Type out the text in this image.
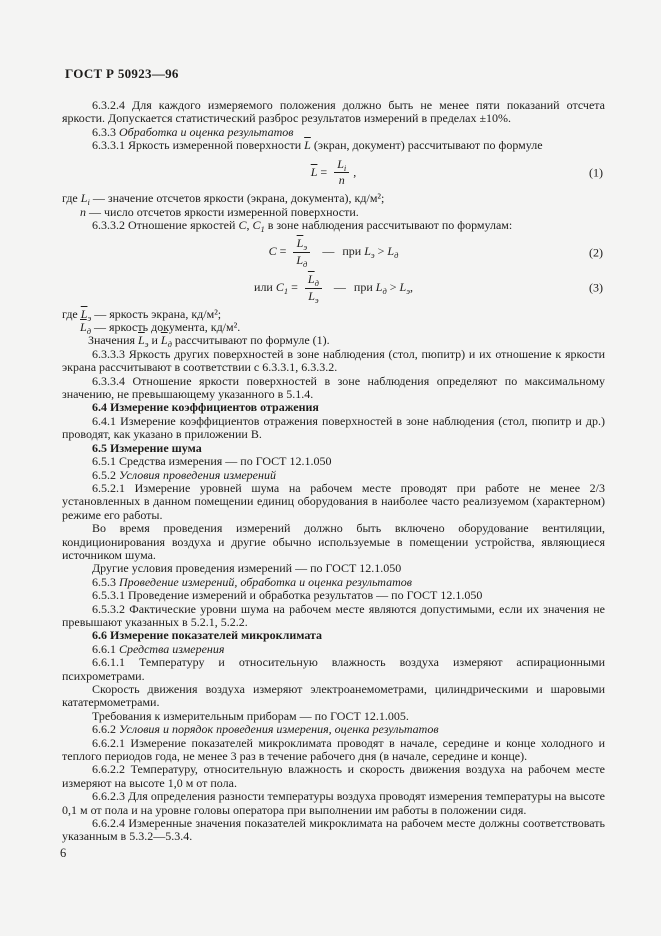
ГОСТ Р 50923—96

6.3.2.4 Для каждого измеряемого положения должно быть не менее пяти показаний отсчета яркости. Допускается статистический разброс результатов измерений в пределах ±10%.

6.3.3 Обработка и оценка результатов

6.3.3.1 Яркость измеренной поверхности $\overline{L}$ (экран, документ) рассчитывают по формуле

$\overline{L} = \frac{L_i}{n}$ ,	(1)

где $L_i$ — значение отсчетов яркости (экрана, документа), кд/м²;

n — число отсчетов яркости измеренной поверхности.

6.3.3.2 Отношение яркостей C, $C_1$ в зоне наблюдения рассчитывают по формулам:

$C = \frac{\overline{L}_э}{\overline{L}_д}$ — при $L_э > L_д$	(2)
или $C_1 = \frac{\overline{L}_д}{\overline{L}_э}$ — при $L_д > L_э$,	(3)

где $\overline{L}_э$ — яркость экрана, кд/м²;

$\overline{L}_д$ — яркость документа, кд/м².

Значения $\overline{L}_э$ и $\overline{L}_д$ рассчитывают по формуле (1).

6.3.3.3 Яркость других поверхностей в зоне наблюдения (стол, пюпитр) и их отношение к яркости экрана рассчитывают в соответствии с 6.3.3.1, 6.3.3.2.

6.3.3.4 Отношение яркости поверхностей в зоне наблюдения определяют по максимальному значению, не превышающему указанного в 5.1.4.

6.4 Измерение коэффициентов отражения

6.4.1 Измерение коэффициентов отражения поверхностей в зоне наблюдения (стол, пюпитр и др.) проводят, как указано в приложении В.

6.5 Измерение шума

6.5.1 Средства измерения — по ГОСТ 12.1.050

6.5.2 Условия проведения измерений

6.5.2.1 Измерение уровней шума на рабочем месте проводят при работе не менее 2/3 установленных в данном помещении единиц оборудования в наиболее часто реализуемом (характерном) режиме его работы.

Во время проведения измерений должно быть включено оборудование вентиляции, кондиционирования воздуха и другие обычно используемые в помещении устройства, являющиеся источником шума.

Другие условия проведения измерений — по ГОСТ 12.1.050

6.5.3 Проведение измерений, обработка и оценка результатов

6.5.3.1 Проведение измерений и обработка результатов — по ГОСТ 12.1.050

6.5.3.2 Фактические уровни шума на рабочем месте являются допустимыми, если их значения не превышают указанных в 5.2.1, 5.2.2.

6.6 Измерение показателей микроклимата

6.6.1 Средства измерения

6.6.1.1 Температуру и относительную влажность воздуха измеряют аспирационными психрометрами.

Скорость движения воздуха измеряют электроанемометрами, цилиндрическими и шаровыми кататермометрами.

Требования к измерительным приборам — по ГОСТ 12.1.005.

6.6.2 Условия и порядок проведения измерения, оценка результатов

6.6.2.1 Измерение показателей микроклимата проводят в начале, середине и конце холодного и теплого периодов года, не менее 3 раз в течение рабочего дня (в начале, середине и конце).

6.6.2.2 Температуру, относительную влажность и скорость движения воздуха на рабочем месте измеряют на высоте 1,0 м от пола.

6.6.2.3 Для определения разности температуры воздуха проводят измерения температуры на высоте 0,1 м от пола и на уровне головы оператора при выполнении им работы в положении сидя.

6.6.2.4 Измеренные значения показателей микроклимата на рабочем месте должны соответствовать указанным в 5.3.2—5.3.4.

6
